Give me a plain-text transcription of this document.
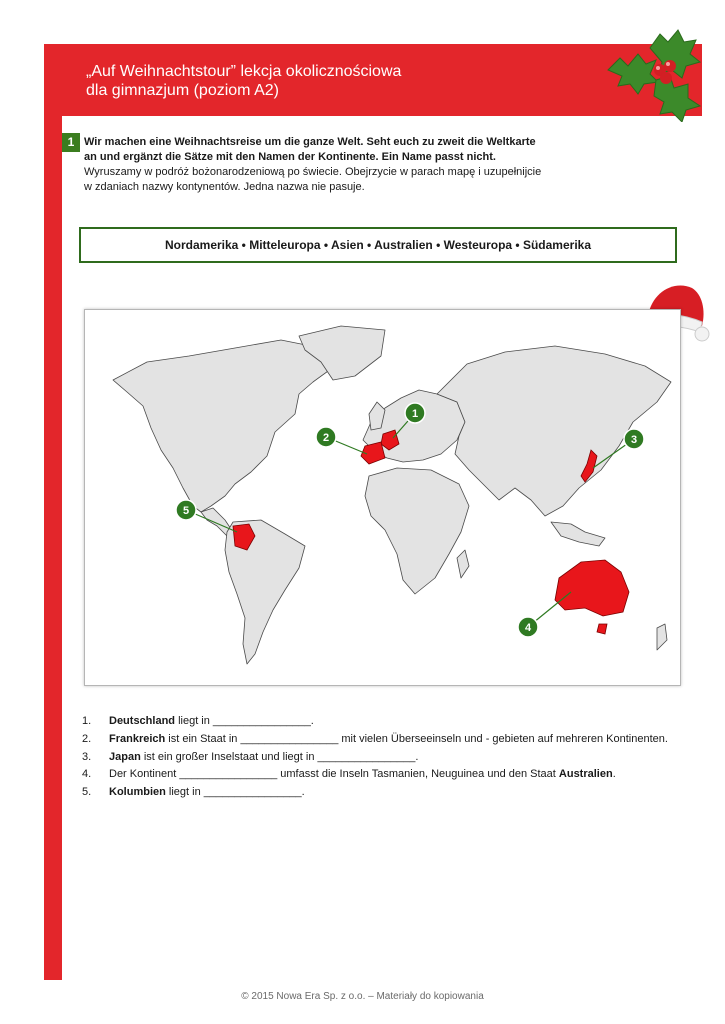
„Auf Weihnachtstour” lekcja okolicznościowa
dla gimnazjum (poziom A2)
1 Wir machen eine Weihnachtsreise um die ganze Welt. Seht euch zu zweit die Weltkarte
an und ergänzt die Sätze mit den Namen der Kontinente. Ein Name passt nicht.
Wyruszamy w podróż bożonarodzeniową po świecie. Obejrzycie w parach mapę i uzupełnijcie
w zdaniach nazwy kontynentów. Jedna nazwa nie pasuje.
Nordamerika • Mitteleuropa • Asien • Australien • Westeuropa • Südamerika
1
2	3
4
5
1. Deutschland liegt in ________________.
2. Frankreich ist ein Staat in ________________ mit vielen Überseeinseln und - gebieten auf mehreren Kontinenten.
3. Japan ist ein großer Inselstaat und liegt in ________________.
4. Der Kontinent ________________ umfasst die Inseln Tasmanien, Neuguinea und den Staat Australien.
5. Kolumbien liegt in ________________.
© 2015 Nowa Era Sp. z o.o. – Materiały do kopiowania
